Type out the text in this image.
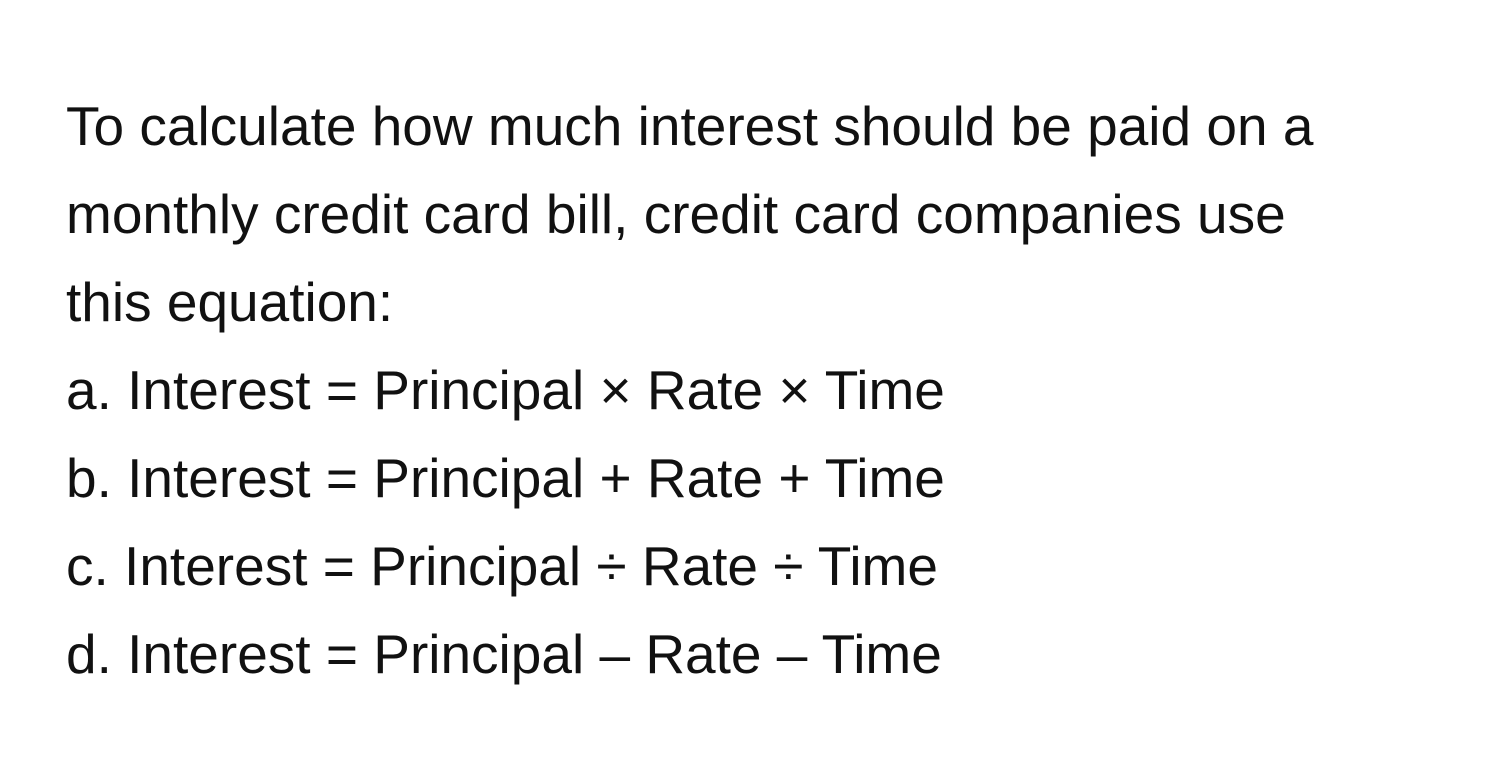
To calculate how much interest should be paid on a
monthly credit card bill, credit card companies use
this equation:
a. Interest = Principal × Rate × Time
b. Interest = Principal + Rate + Time
c. Interest = Principal ÷ Rate ÷ Time
d. Interest = Principal – Rate – Time
